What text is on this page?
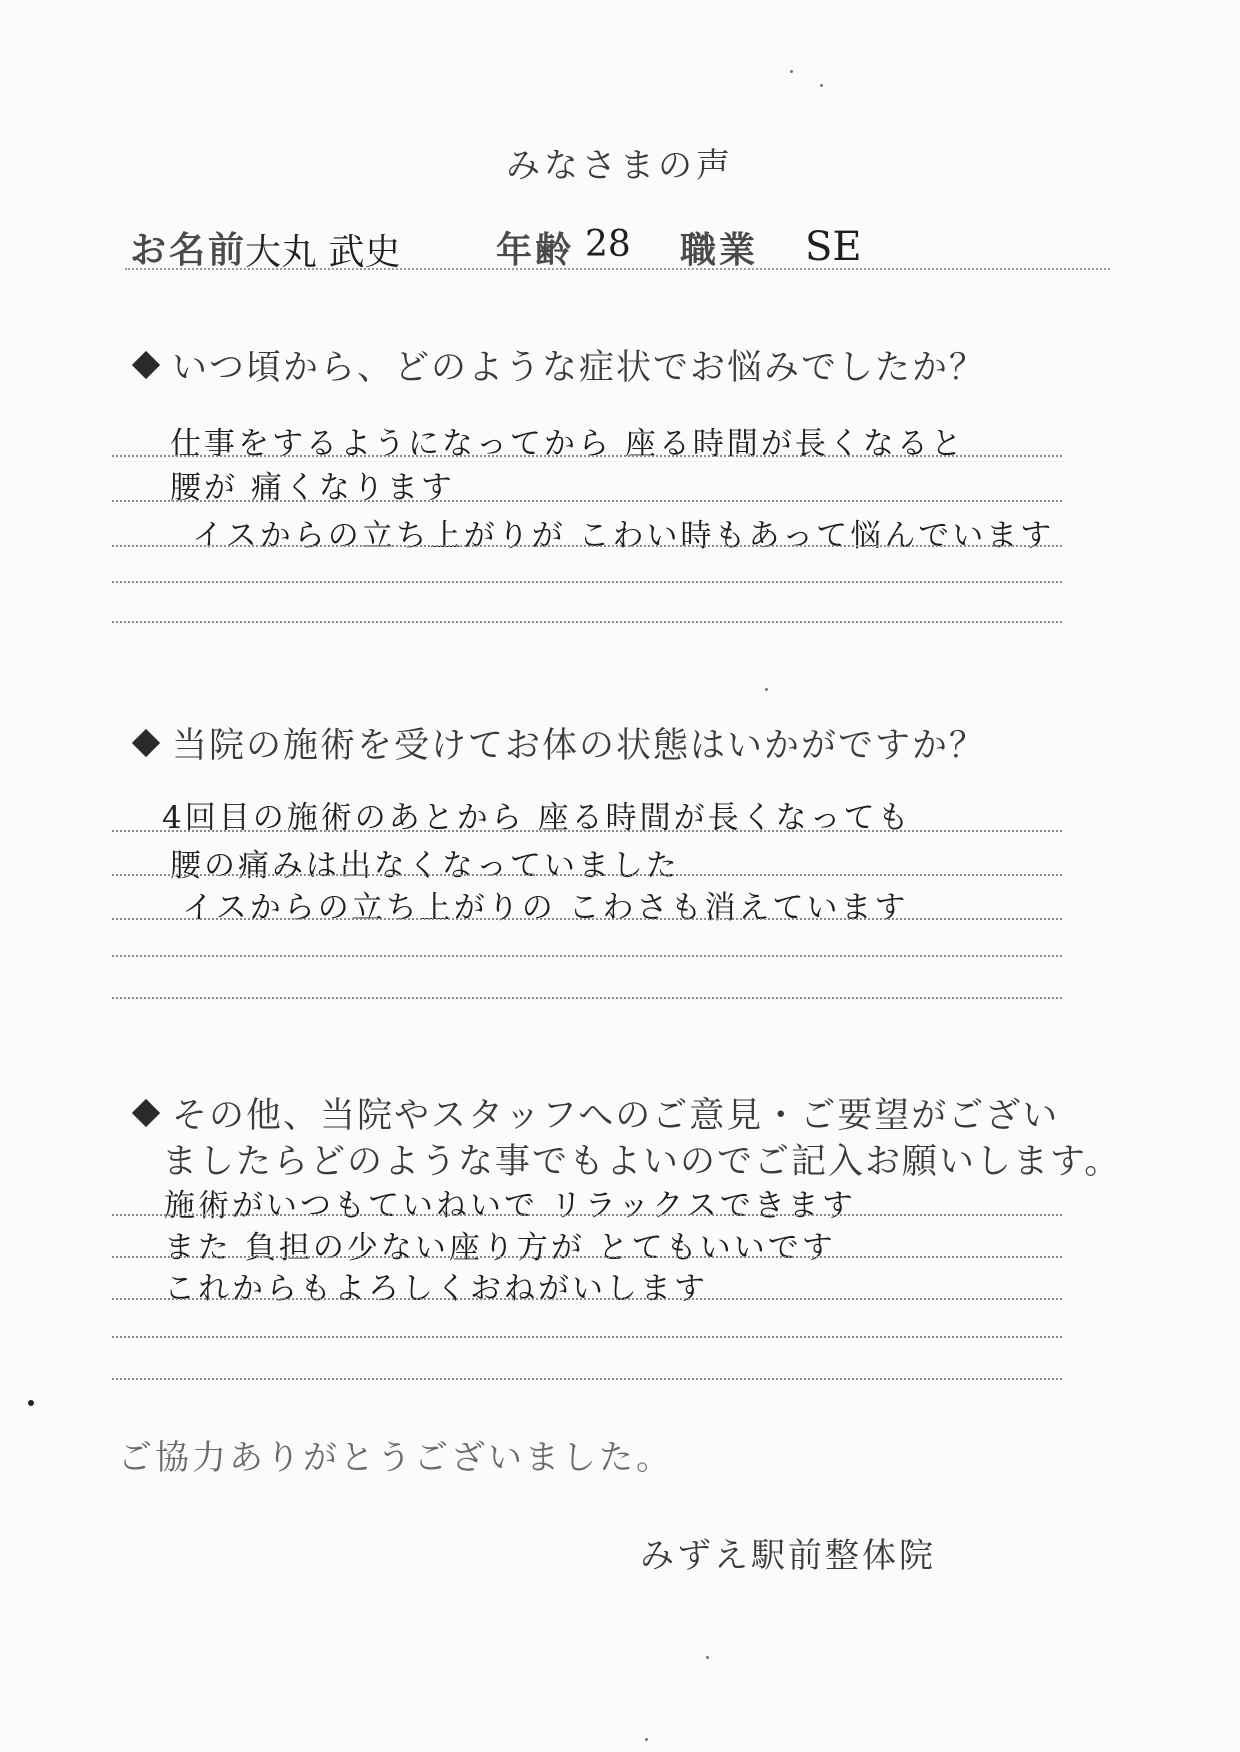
みなさまの声
お名前
大丸 武史	年齢 28 職業 SE
いつ頃から、どのような症状でお悩みでしたか？
仕事をするようになってから 座る時間が長くなると
腰が 痛くなります
イスからの立ち上がりが こわい時もあって悩んでいます
当院の施術を受けてお体の状態はいかがですか？
4回目の施術のあとから 座る時間が長くなっても
腰の痛みは出なくなっていました
イスからの立ち上がりの こわさも消えています
その他、当院やスタッフへのご意見・ご要望がござい
ましたらどのような事でもよいのでご記入お願いします。
施術がいつもていねいで リラックスできます
また 負担の少ない座り方が とてもいいです
これからもよろしくおねがいします
ご協力ありがとうございました。
みずえ駅前整体院
